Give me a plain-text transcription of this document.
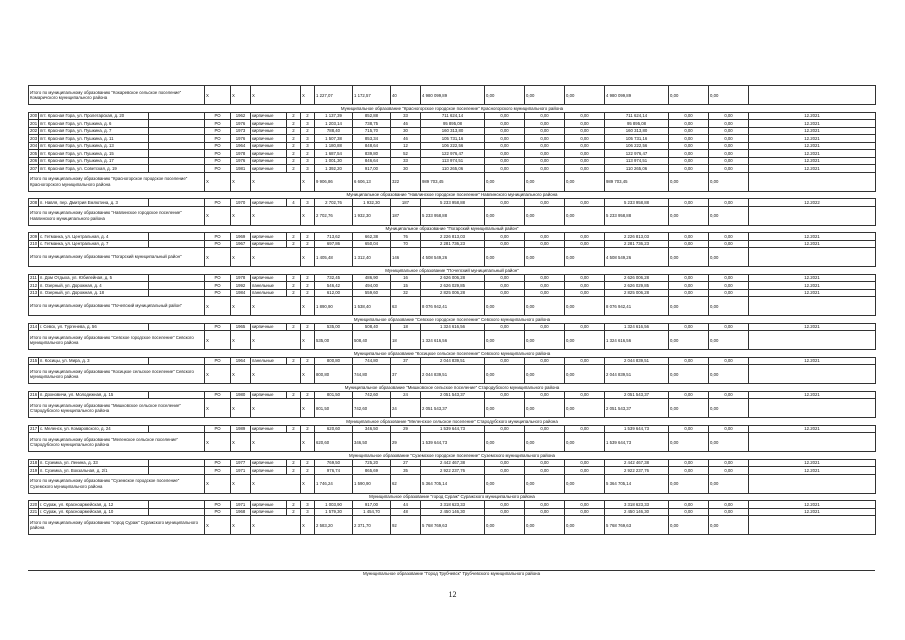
Итого по муниципальному образованию "Кокаревское сельское поселение" Комаричского муниципального района			X	X	X		X	1 227,07	1 172,57	40	4 980 099,89	0,00	0,00	0,00	4 980 099,89	0,00	0,00	
Муниципальное образование "Красногорское городское поселение" Красногорского муниципального района																		
200	пгт. Красная Гора, ул. Пролетарская, д. 20		РО	1962	кирпичные	2	2	1 137,39	852,88	33	711 624,14	0,00	0,00	0,00	711 624,14	0,00	0,00	12.2021
201	пгт. Красная Гора, ул. Пушкина, д. 6		РО	1976	кирпичные	2	3	1 203,14	738,75	46	95 895,08	0,00	0,00	0,00	95 895,08	0,00	0,00	12.2021
202	пгт. Красная Гора, ул. Пушкина, д. 7		РО	1973	кирпичные	2	2	788,40	715,70	30	160 313,80	0,00	0,00	0,00	160 313,80	0,00	0,00	12.2021
203	пгт. Красная Гора, ул. Пушкина, д. 11		РО	1976	кирпичные	2	3	1 507,38	853,34	46	105 731,16	0,00	0,00	0,00	105 731,16	0,00	0,00	12.2021
204	пгт. Красная Гора, ул. Пушкина, д. 13		РО	1964	кирпичные	2	3	1 180,88	848,64	12	106 222,56	0,00	0,00	0,00	106 222,56	0,00	0,00	12.2021
205	пгт. Красная Гора, ул. Пушкина, д. 15		РО	1978	кирпичные	2	2	1 687,54	839,80	52	122 976,47	0,00	0,00	0,00	122 976,47	0,00	0,00	12.2021
206	пгт. Красная Гора, ул. Пушкина, д. 17		РО	1976	кирпичные	2	3	1 001,30	846,64	33	113 974,51	0,00	0,00	0,00	113 974,51	0,00	0,00	12.2021
207	пгт. Красная Гора, ул. Советская, д. 19		РО	1981	кирпичные	2	3	1 392,20	917,00	30	110 265,06	0,00	0,00	0,00	110 265,06	0,00	0,00	12.2021
Итого по муниципальному образованию "Красногорское городское поселение" Красногорского муниципального района			X	X	X		X	9 906,86	6 606,13	322	989 703,45	0,00	0,00	0,00	989 703,45	0,00	0,00	
Муниципальное образование "Навлинское городское поселение" Навлинского муниципального района																		
208	п. Навля, пер. Дмитрия Емлютина, д. 3		РО	1970	кирпичные	4	3	2 702,76	1 932,30	187	5 233 958,88	0,00	0,00	0,00	5 233 958,88	0,00	0,00	12.2022
Итого по муниципальному образованию "Навлинское городское поселение" Навлинского муниципального района			X	X	X		X	2 702,76	1 932,30	187	5 233 958,88	0,00	0,00	0,00	5 233 958,88	0,00	0,00	
Муниципальное образование "Погарский муниципальный район"																		
209	с. Гетманка, ул. Центральная, д. 4		РО	1969	кирпичные	2	2	713,62	662,38	76	2 226 813,03	0,00	0,00	0,00	2 226 813,03	0,00	0,00	12.2021
210	с. Гетманка, ул. Центральная, д. 7		РО	1967	кирпичные	2	2	697,86	650,04	70	2 281 736,23	0,00	0,00	0,00	2 281 736,23	0,00	0,00	12.2021
Итого по муниципальному образованию "Погарский муниципальный район"			X	X	X		X	1 405,48	1 312,40	146	4 508 549,26	0,00	0,00	0,00	4 508 549,26	0,00	0,00	
Муниципальное образование "Почепский муниципальный район"																		
211	п. Дом Отдыха, ул. Юбилейная, д. 5		РО	1978	кирпичные	2	2	732,45	486,90	16	2 626 006,28	0,00	0,00	0,00	2 626 006,28	0,00	0,00	12.2021
212	п. Озерный, ул. Дорожная, д. 4		РО	1992	панельные	2	2	546,42	494,00	15	2 626 029,85	0,00	0,00	0,00	2 626 029,85	0,00	0,00	12.2021
213	п. Озерный, ул. Дорожная, д. 18		РО	1984	панельные	2	2	612,00	559,60	32	2 825 006,28	0,00	0,00	0,00	2 825 006,28	0,00	0,00	12.2021
Итого по муниципальному образованию "Почепский муниципальный район"			X	X	X		X	1 890,90	1 538,40	63	8 076 942,41	0,00	0,00	0,00	8 076 942,41	0,00	0,00	
Муниципальное образование "Севское городское поселение" Севского муниципального района																		
214	г. Севск, ул. Тургенева, д. 56		РО	1965	кирпичные	2	2	535,00	508,40	18	1 324 616,56	0,00	0,00	0,00	1 324 616,56	0,00	0,00	12.2021
Итого по муниципальному образованию "Севское городское поселение" Севского муниципального района			X	X	X		X	535,00	508,40	18	1 324 616,56	0,00	0,00	0,00	1 324 616,56	0,00	0,00	
Муниципальное образование "Косицкое сельское поселение" Севского муниципального района																		
215	п. Косицы, ул. Мира, д. 3		РО	1964	панельные	2	2	800,80	744,80	37	2 044 839,51	0,00	0,00	0,00	2 044 839,51	0,00	0,00	12.2021
Итого по муниципальному образованию "Косицкое сельское поселение" Севского муниципального района			X	X	X		X	800,80	744,80	37	2 044 839,51	0,00	0,00	0,00	2 044 839,51	0,00	0,00	
Муниципальное образование "Мишковское сельское поселение" Стародубского муниципального района																		
216	п. Дохновичи, ул. Молодежная, д. 15		РО	1980	кирпичные	2	2	801,50	742,60	24	2 051 543,37	0,00	0,00	0,00	2 051 543,37	0,00	0,00	12.2021
Итого по муниципальному образованию "Мишковское сельское поселение" Стародубского муниципального района			X	X	X		X	801,50	742,60	24	2 051 543,37	0,00	0,00	0,00	2 051 543,37	0,00	0,00	
Муниципальное образование "Меленское сельское поселение" Стародубского муниципального района																		
217	с. Меленск, ул. Комаровского, д. 24		РО	1989	кирпичные	2	2	620,60	346,50	29	1 539 644,73	0,00	0,00	0,00	1 539 644,73	0,00	0,00	12.2021
Итого по муниципальному образованию "Меленское сельское поселение" Стародубского муниципального района			X	X	X		X	620,60	346,50	29	1 539 644,73	0,00	0,00	0,00	1 539 644,73	0,00	0,00	
Муниципальное образование "Суземское городское поселение" Суземского муниципального района																		
218	п. Суземка, ул. Ленина, д. 33		РО	1977	кирпичные	2	2	769,50	725,20	27	2 442 467,38	0,00	0,00	0,00	2 442 467,38	0,00	0,00	12.2021
219	п. Суземка, ул. Вокзальная, д. 2/1		РО	1971	кирпичные	2	2	976,74	865,69	35	2 922 237,76	0,00	0,00	0,00	2 922 237,76	0,00	0,00	12.2021
Итого по муниципальному образованию "Суземское городское поселение" Суземского муниципального района			X	X	X		X	1 746,24	1 590,90	62	5 364 705,14	0,00	0,00	0,00	5 364 705,14	0,00	0,00	
Муниципальное образование "город Сураж" Суражского муниципального района																		
220	г. Сураж, ул. Красноармейская, д. 12		РО	1971	кирпичные	2	3	1 003,90	917,00	44	3 318 623,33	0,00	0,00	0,00	3 318 623,33	0,00	0,00	12.2021
221	г. Сураж, ул. Красноармейская, д. 10		РО	1968	кирпичные	2	3	1 579,30	1 454,70	48	2 450 146,30	0,00	0,00	0,00	2 450 146,30	0,00	0,00	12.2021
Итого по муниципальному образованию "город Сураж" Суражского муниципального района			X	X	X		X	2 583,20	2 371,70	92	5 768 769,63	0,00	0,00	0,00	5 768 769,63	0,00	0,00	
Муниципальное образование "Город Трубчевск" Трубчевского муниципального района
12
